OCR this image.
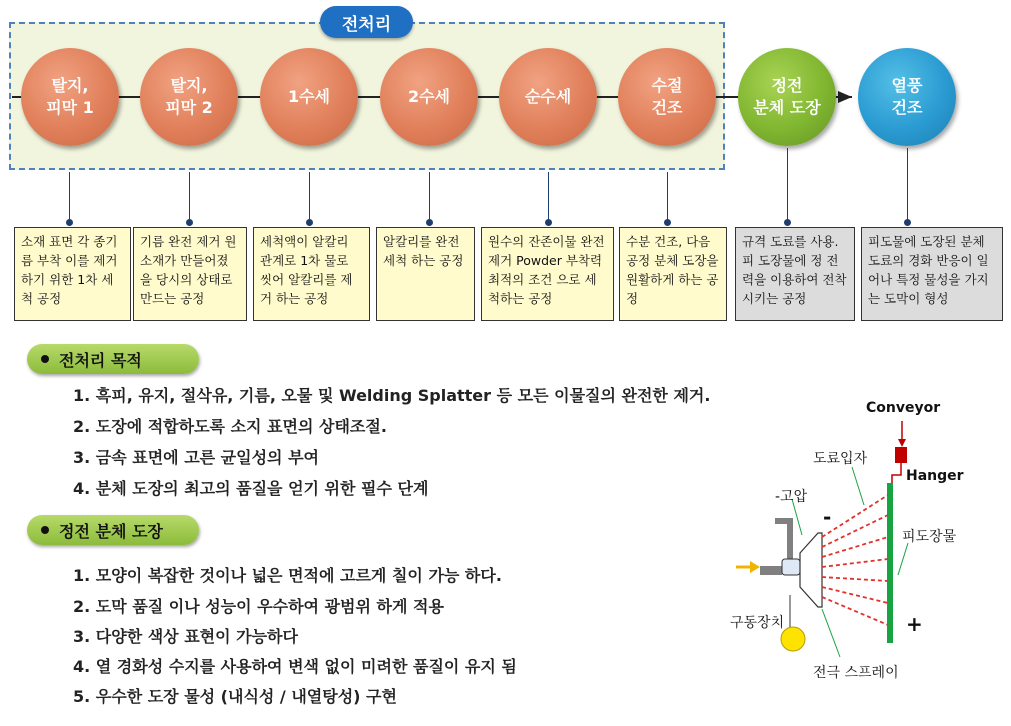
전처리
탈지,
피막 1
탈지,
피막 2
1수세	2수세	순수세
수절
건조
정전
분체 도장
열풍
건조
소재 표면 각 종기름 부착 이를 제거 하기 위한 1차 세척 공정
기름 완전 제거 원소재가 만들어졌을 당시의 상태로 만드는 공정
세척액이 알칼리 관계로 1차 물로 씻어 알칼리를 제거 하는 공정
알칼리를 완전 세척 하는 공정
원수의 잔존이물 완전제거 Powder 부착력 최적의 조건 으로 세척하는 공정
수분 건조, 다음 공정 분체 도장을 원활하게 하는 공정
규격 도료를 사용. 피 도장물에 정 전력을 이용하여 전착 시키는 공정
피도물에 도장된 분체 도료의 경화 반응이 일어나 특정 물성을 가지는 도막이 형성
전처리 목적
1. 흑피, 유지, 절삭유, 기름, 오물 및 Welding Splatter 등 모든 이물질의 완전한 제거.
2. 도장에 적합하도록 소지 표면의 상태조절.
3. 금속 표면에 고른 균일성의 부여
4. 분체 도장의 최고의 품질을 얻기 위한 필수 단계
정전 분체 도장
1. 모양이 복잡한 것이나 넓은 면적에 고르게 칠이 가능 하다.
2. 도막 품질 이나 성능이 우수하여 광범위 하게 적용
3. 다양한 색상 표현이 가능하다
4. 열 경화성 수지를 사용하여 변색 없이 미려한 품질이 유지 됨
5. 우수한 도장 물성 (내식성 / 내열탕성) 구현
Conveyor
도료입자
Hanger
-고압
-
피도장물
구동장치	+
전극 스프레이
